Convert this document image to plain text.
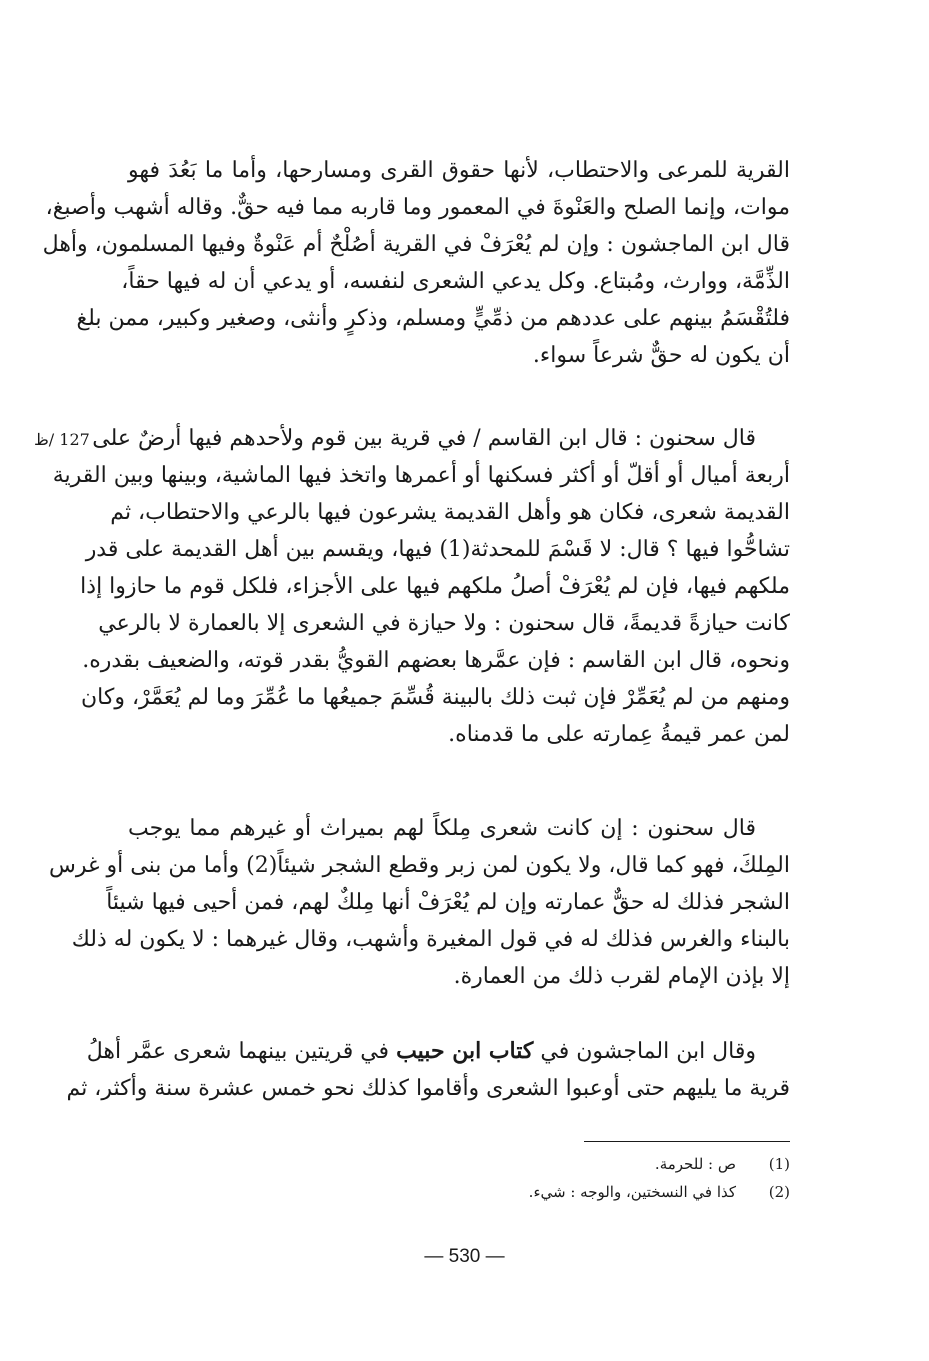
القرية للمرعى والاحتطاب، لأنها حقوق القرى ومسارحها، وأما ما بَعُدَ فهو
موات، وإنما الصلح والعَنْوةَ في المعمور وما قاربه مما فيه حقٌّ. وقاله أشهب وأصبغ،
قال ابن الماجشون : وإن لم يُعْرَفْ في القرية أصُلْحٌ أم عَنْوةٌ وفيها المسلمون، وأهل
الذِّمَّة، ووارث، ومُبتاع. وكل يدعي الشعرى لنفسه، أو يدعي أن له فيها حقاً،
فلتُقْسَمُ بينهم على عددهم من ذمِّيٍّ ومسلم، وذكرٍ وأنثى، وصغير وكبير، ممن بلغ
أن يكون له حقٌّ شرعاً سواء.
127 /ظ قال سحنون : قال ابن القاسم / في قرية بين قوم ولأحدهم فيها أرضٌ على
أربعة أميال أو أقلّ أو أكثر فسكنها أو أعمرها واتخذ فيها الماشية، وبينها وبين القرية
القديمة شعرى، فكان هو وأهل القديمة يشرعون فيها بالرعي والاحتطاب، ثم
تشاحُّوا فيها ؟ قال: لا قَسْمَ للمحدثة(1) فيها، ويقسم بين أهل القديمة على قدر
ملكهم فيها، فإن لم يُعْرَفْ أصلُ ملكهم فيها على الأجزاء، فلكل قوم ما حازوا إذا
كانت حيازةً قديمةً، قال سحنون : ولا حيازة في الشعرى إلا بالعمارة لا بالرعي
ونحوه، قال ابن القاسم : فإن عمَّرها بعضهم القويُّ بقدر قوته، والضعيف بقدره.
ومنهم من لم يُعَمِّرْ فإن ثبت ذلك بالبينة قُسِّمَ جميعُها ما عُمِّرَ وما لم يُعَمَّرْ، وكان
لمن عمر قيمةُ عِمارته على ما قدمناه.
قال سحنون : إن كانت شعرى مِلكاً لهم بميراث أو غيرهم مما يوجب
المِلكَ، فهو كما قال، ولا يكون لمن زبر وقطع الشجر شيئاً(2) وأما من بنى أو غرس
الشجر فذلك له حقٌّ عمارته وإن لم يُعْرَفْ أنها مِلكٌ لهم، فمن أحيى فيها شيئاً
بالبناء والغرس فذلك له في قول المغيرة وأشهب، وقال غيرهما : لا يكون له ذلك
إلا بإذن الإمام لقرب ذلك من العمارة.
وقال ابن الماجشون في كتاب ابن حبيب في قريتين بينهما شعرى عمَّر أهلُ
قرية ما يليهم حتى أوعبوا الشعرى وأقاموا كذلك نحو خمس عشرة سنة وأكثر، ثم
(1)ص : للحرمة.
(2)كذا في النسختين، والوجه : شيء.
— 530 —
